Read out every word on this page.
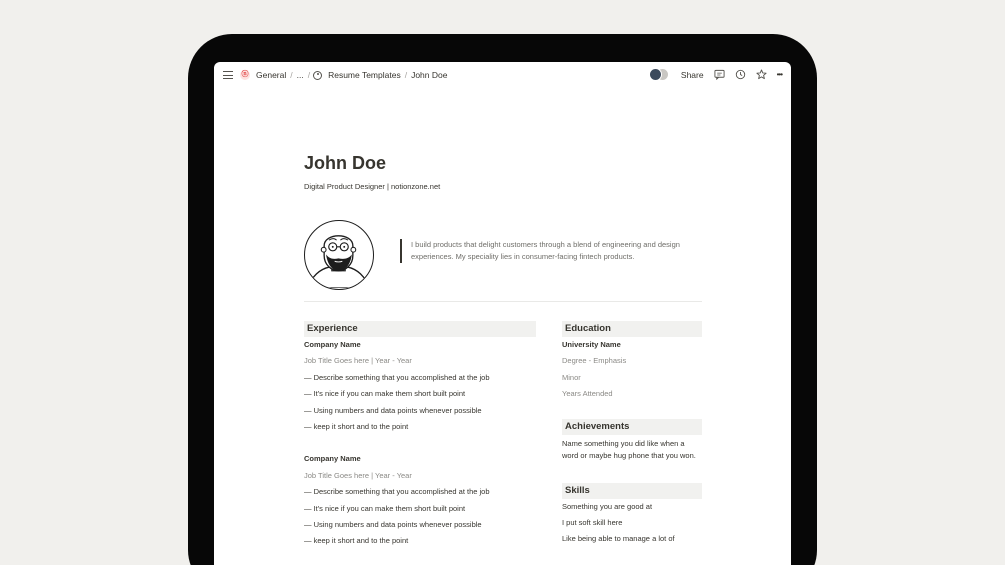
ⓝ General / ... / Resume Templates / John Doe	Share	•••
John Doe
Digital Product Designer | notionzone.net
I build products that delight customers through a blend of engineering and design experiences. My speciality lies in consumer-facing fintech products.
Experience
Company Name
Job Title Goes here | Year - Year
— Describe something that you accomplished at the job
— It's nice if you can make them short built point
— Using numbers and data points whenever possible
— keep it short and to the point
Company Name
Job Title Goes here | Year - Year
— Describe something that you accomplished at the job
— It's nice if you can make them short built point
— Using numbers and data points whenever possible
— keep it short and to the point
Education
University Name
Degree - Emphasis
Minor
Years Attended
Achievements
Name something you did like when a word or maybe hug phone that you won.
Skills
Something you are good at
I put soft skill here
Like being able to manage a lot of
